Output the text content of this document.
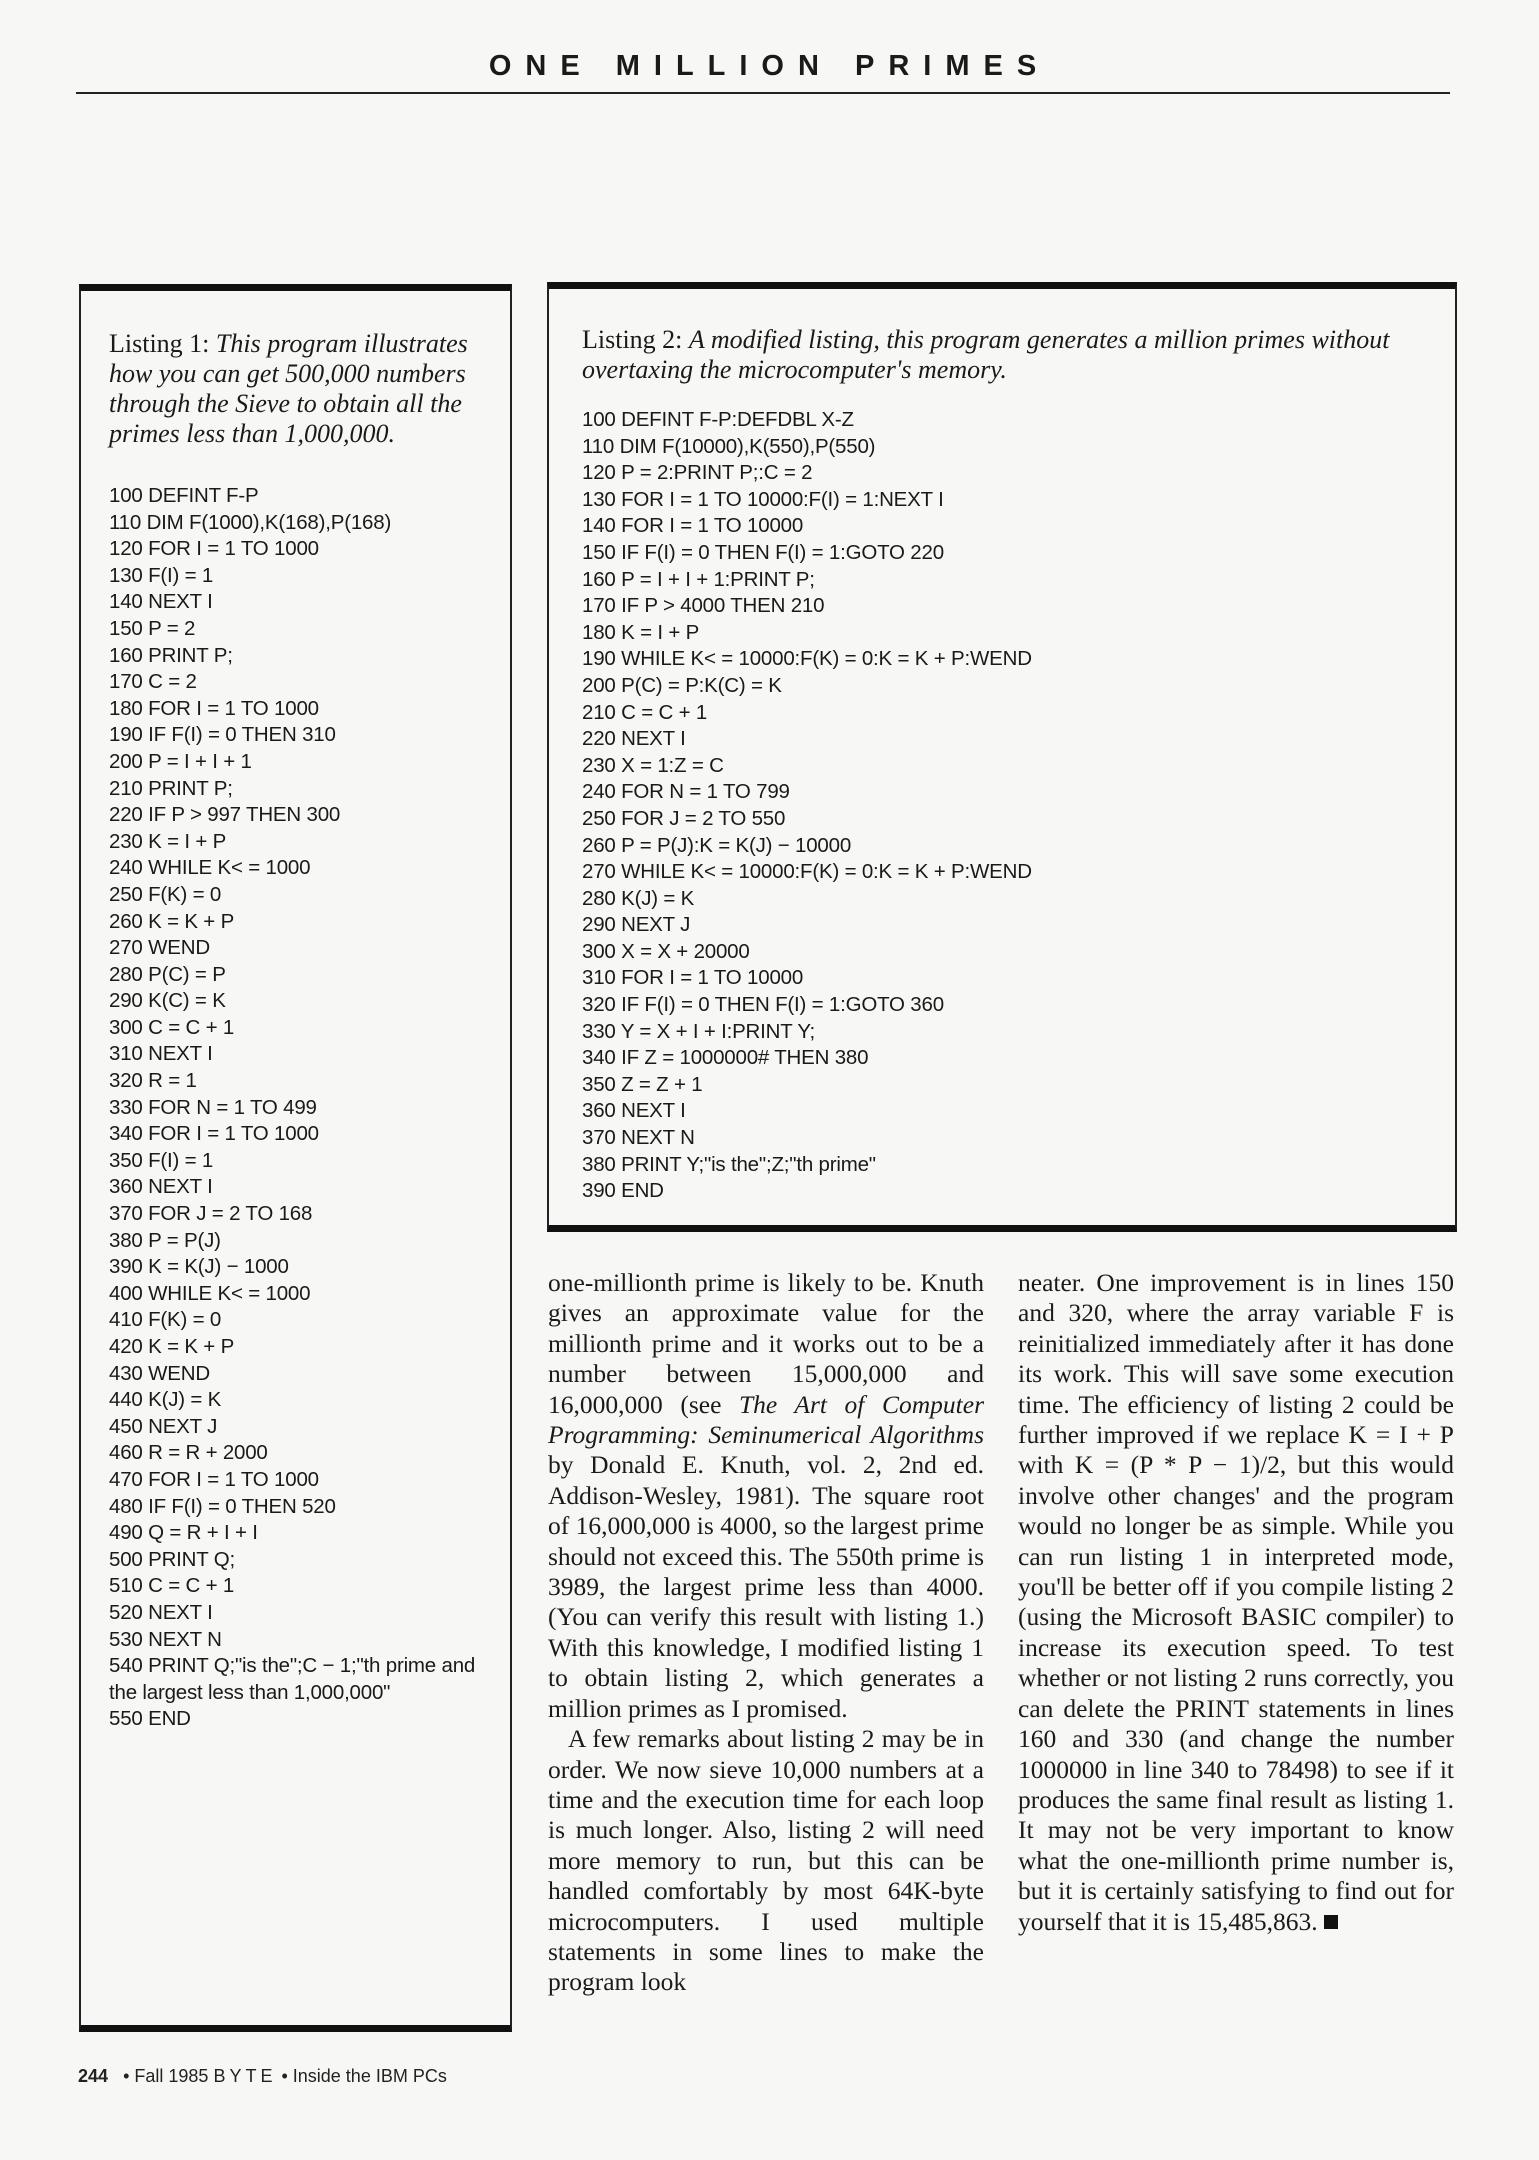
ONE MILLION PRIMES

Listing 1: This program illustrates how you can get 500,000 numbers through the Sieve to obtain all the primes less than 1,000,000.

100 DEFINT F-P
110 DIM F(1000),K(168),P(168)
120 FOR I = 1 TO 1000
130 F(I) = 1
140 NEXT I
150 P = 2
160 PRINT P;
170 C = 2
180 FOR I = 1 TO 1000
190 IF F(I) = 0 THEN 310
200 P = I + I + 1
210 PRINT P;
220 IF P > 997 THEN 300
230 K = I + P
240 WHILE K< = 1000
250 F(K) = 0
260 K = K + P
270 WEND
280 P(C) = P
290 K(C) = K
300 C = C + 1
310 NEXT I
320 R = 1
330 FOR N = 1 TO 499
340 FOR I = 1 TO 1000
350 F(I) = 1
360 NEXT I
370 FOR J = 2 TO 168
380 P = P(J)
390 K = K(J) − 1000
400 WHILE K< = 1000
410 F(K) = 0
420 K = K + P
430 WEND
440 K(J) = K
450 NEXT J
460 R = R + 2000
470 FOR I = 1 TO 1000
480 IF F(I) = 0 THEN 520
490 Q = R + I + I
500 PRINT Q;
510 C = C + 1
520 NEXT I
530 NEXT N
540 PRINT Q;"is the";C − 1;"th prime and the largest less than 1,000,000"
550 END

Listing 2: A modified listing, this program generates a million primes without overtaxing the microcomputer's memory.

100 DEFINT F-P:DEFDBL X-Z
110 DIM F(10000),K(550),P(550)
120 P = 2:PRINT P;:C = 2
130 FOR I = 1 TO 10000:F(I) = 1:NEXT I
140 FOR I = 1 TO 10000
150 IF F(I) = 0 THEN F(I) = 1:GOTO 220
160 P = I + I + 1:PRINT P;
170 IF P > 4000 THEN 210
180 K = I + P
190 WHILE K< = 10000:F(K) = 0:K = K + P:WEND
200 P(C) = P:K(C) = K
210 C = C + 1
220 NEXT I
230 X = 1:Z = C
240 FOR N = 1 TO 799
250 FOR J = 2 TO 550
260 P = P(J):K = K(J) − 10000
270 WHILE K< = 10000:F(K) = 0:K = K + P:WEND
280 K(J) = K
290 NEXT J
300 X = X + 20000
310 FOR I = 1 TO 10000
320 IF F(I) = 0 THEN F(I) = 1:GOTO 360
330 Y = X + I + I:PRINT Y;
340 IF Z = 1000000# THEN 380
350 Z = Z + 1
360 NEXT I
370 NEXT N
380 PRINT Y;"is the";Z;"th prime"
390 END

one-millionth prime is likely to be. Knuth gives an approximate value for the millionth prime and it works out to be a number between 15,000,000 and 16,000,000 (see The Art of Computer Programming: Seminumerical Algorithms by Donald E. Knuth, vol. 2, 2nd ed. Addison-Wesley, 1981). The square root of 16,000,000 is 4000, so the largest prime should not exceed this. The 550th prime is 3989, the largest prime less than 4000. (You can verify this result with listing 1.) With this knowledge, I modified listing 1 to obtain listing 2, which generates a million primes as I promised.

A few remarks about listing 2 may be in order. We now sieve 10,000 numbers at a time and the execution time for each loop is much longer. Also, listing 2 will need more memory to run, but this can be handled comfortably by most 64K-byte microcomputers. I used multiple statements in some lines to make the program look

neater. One improvement is in lines 150 and 320, where the array variable F is reinitialized immediately after it has done its work. This will save some execution time. The efficiency of listing 2 could be further improved if we replace K = I + P with K = (P * P − 1)/2, but this would involve other changes' and the program would no longer be as simple. While you can run listing 1 in interpreted mode, you'll be better off if you compile listing 2 (using the Microsoft BASIC compiler) to increase its execution speed. To test whether or not listing 2 runs correctly, you can delete the PRINT statements in lines 160 and 330 (and change the number 1000000 in line 340 to 78498) to see if it produces the same final result as listing 1. It may not be very important to know what the one-millionth prime number is, but it is certainly satisfying to find out for yourself that it is 15,485,863.

244 • Fall 1985 BYTE • Inside the IBM PCs
